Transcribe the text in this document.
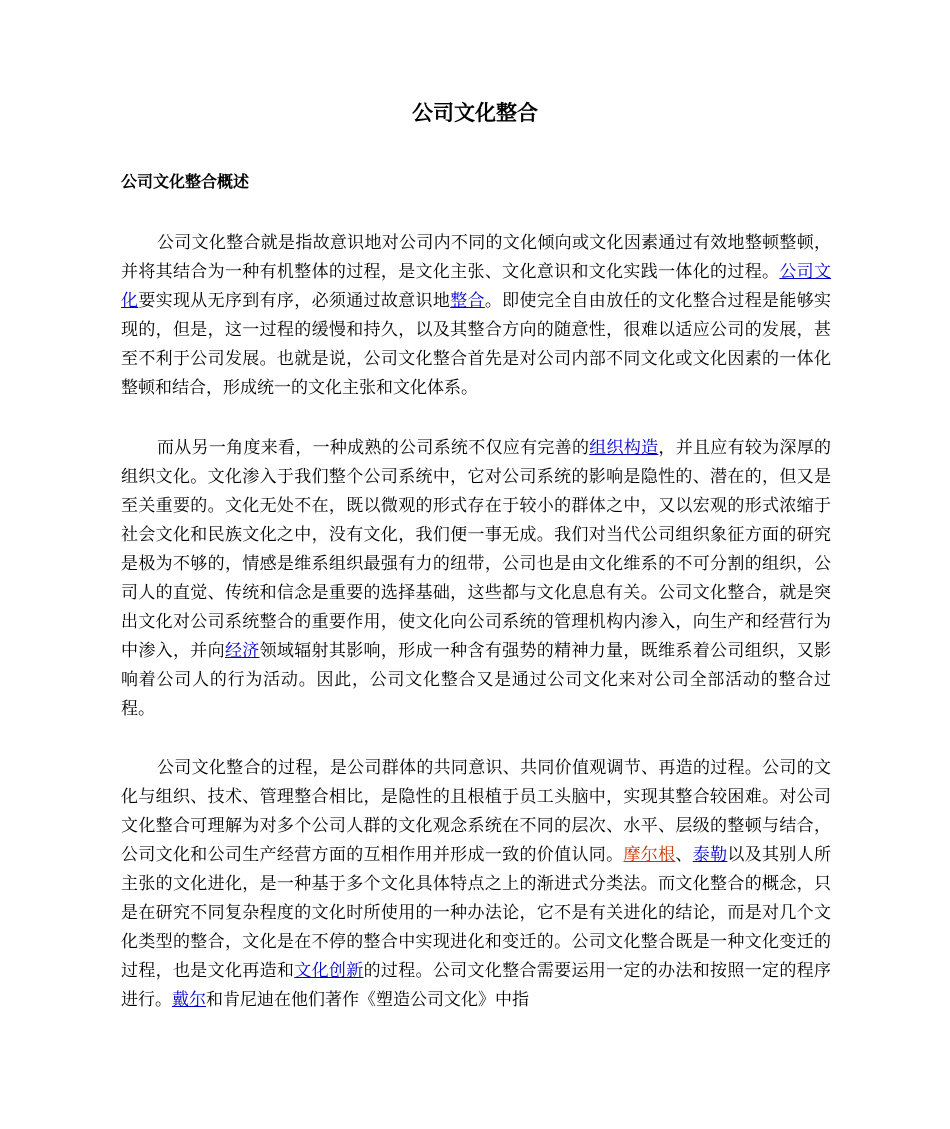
公司文化整合
公司文化整合概述

公司文化整合就是指故意识地对公司内不同的文化倾向或文化因素通过有效地整顿整顿，并将其结合为一种有机整体的过程，是文化主张、文化意识和文化实践一体化的过程。公司文化要实现从无序到有序，必须通过故意识地整合。即使完全自由放任的文化整合过程是能够实现的，但是，这一过程的缓慢和持久，以及其整合方向的随意性，很难以适应公司的发展，甚至不利于公司发展。也就是说，公司文化整合首先是对公司内部不同文化或文化因素的一体化整顿和结合，形成统一的文化主张和文化体系。

而从另一角度来看，一种成熟的公司系统不仅应有完善的组织构造，并且应有较为深厚的组织文化。文化渗入于我们整个公司系统中，它对公司系统的影响是隐性的、潜在的，但又是至关重要的。文化无处不在，既以微观的形式存在于较小的群体之中，又以宏观的形式浓缩于社会文化和民族文化之中，没有文化，我们便一事无成。我们对当代公司组织象征方面的研究是极为不够的，情感是维系组织最强有力的纽带，公司也是由文化维系的不可分割的组织，公司人的直觉、传统和信念是重要的选择基础，这些都与文化息息有关。公司文化整合，就是突出文化对公司系统整合的重要作用，使文化向公司系统的管理机构内渗入，向生产和经营行为中渗入，并向经济领域辐射其影响，形成一种含有强势的精神力量，既维系着公司组织，又影响着公司人的行为活动。因此，公司文化整合又是通过公司文化来对公司全部活动的整合过程。

公司文化整合的过程，是公司群体的共同意识、共同价值观调节、再造的过程。公司的文化与组织、技术、管理整合相比，是隐性的且根植于员工头脑中，实现其整合较困难。对公司文化整合可理解为对多个公司人群的文化观念系统在不同的层次、水平、层级的整顿与结合，公司文化和公司生产经营方面的互相作用并形成一致的价值认同。摩尔根、泰勒以及其别人所主张的文化进化，是一种基于多个文化具体特点之上的渐进式分类法。而文化整合的概念，只是在研究不同复杂程度的文化时所使用的一种办法论，它不是有关进化的结论，而是对几个文化类型的整合，文化是在不停的整合中实现进化和变迁的。公司文化整合既是一种文化变迁的过程，也是文化再造和文化创新的过程。公司文化整合需要运用一定的办法和按照一定的程序进行。戴尔和肯尼迪在他们著作《塑造公司文化》中指
